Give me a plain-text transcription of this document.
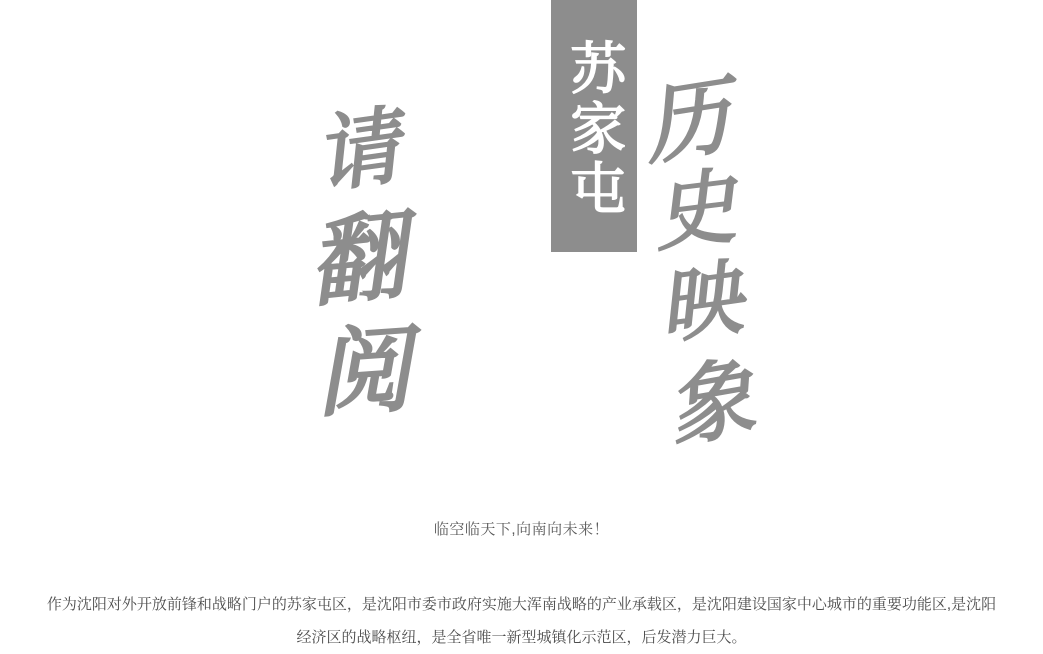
苏家屯 历
史
映
象
请
翻
阅
临空临天下,向南向未来！
作为沈阳对外开放前锋和战略门户的苏家屯区，是沈阳市委市政府实施大浑南战略的产业承载区，是沈阳建设国家中心城市的重要功能区,是沈阳经济区的战略枢纽，是全省唯一新型城镇化示范区，后发潜力巨大。
